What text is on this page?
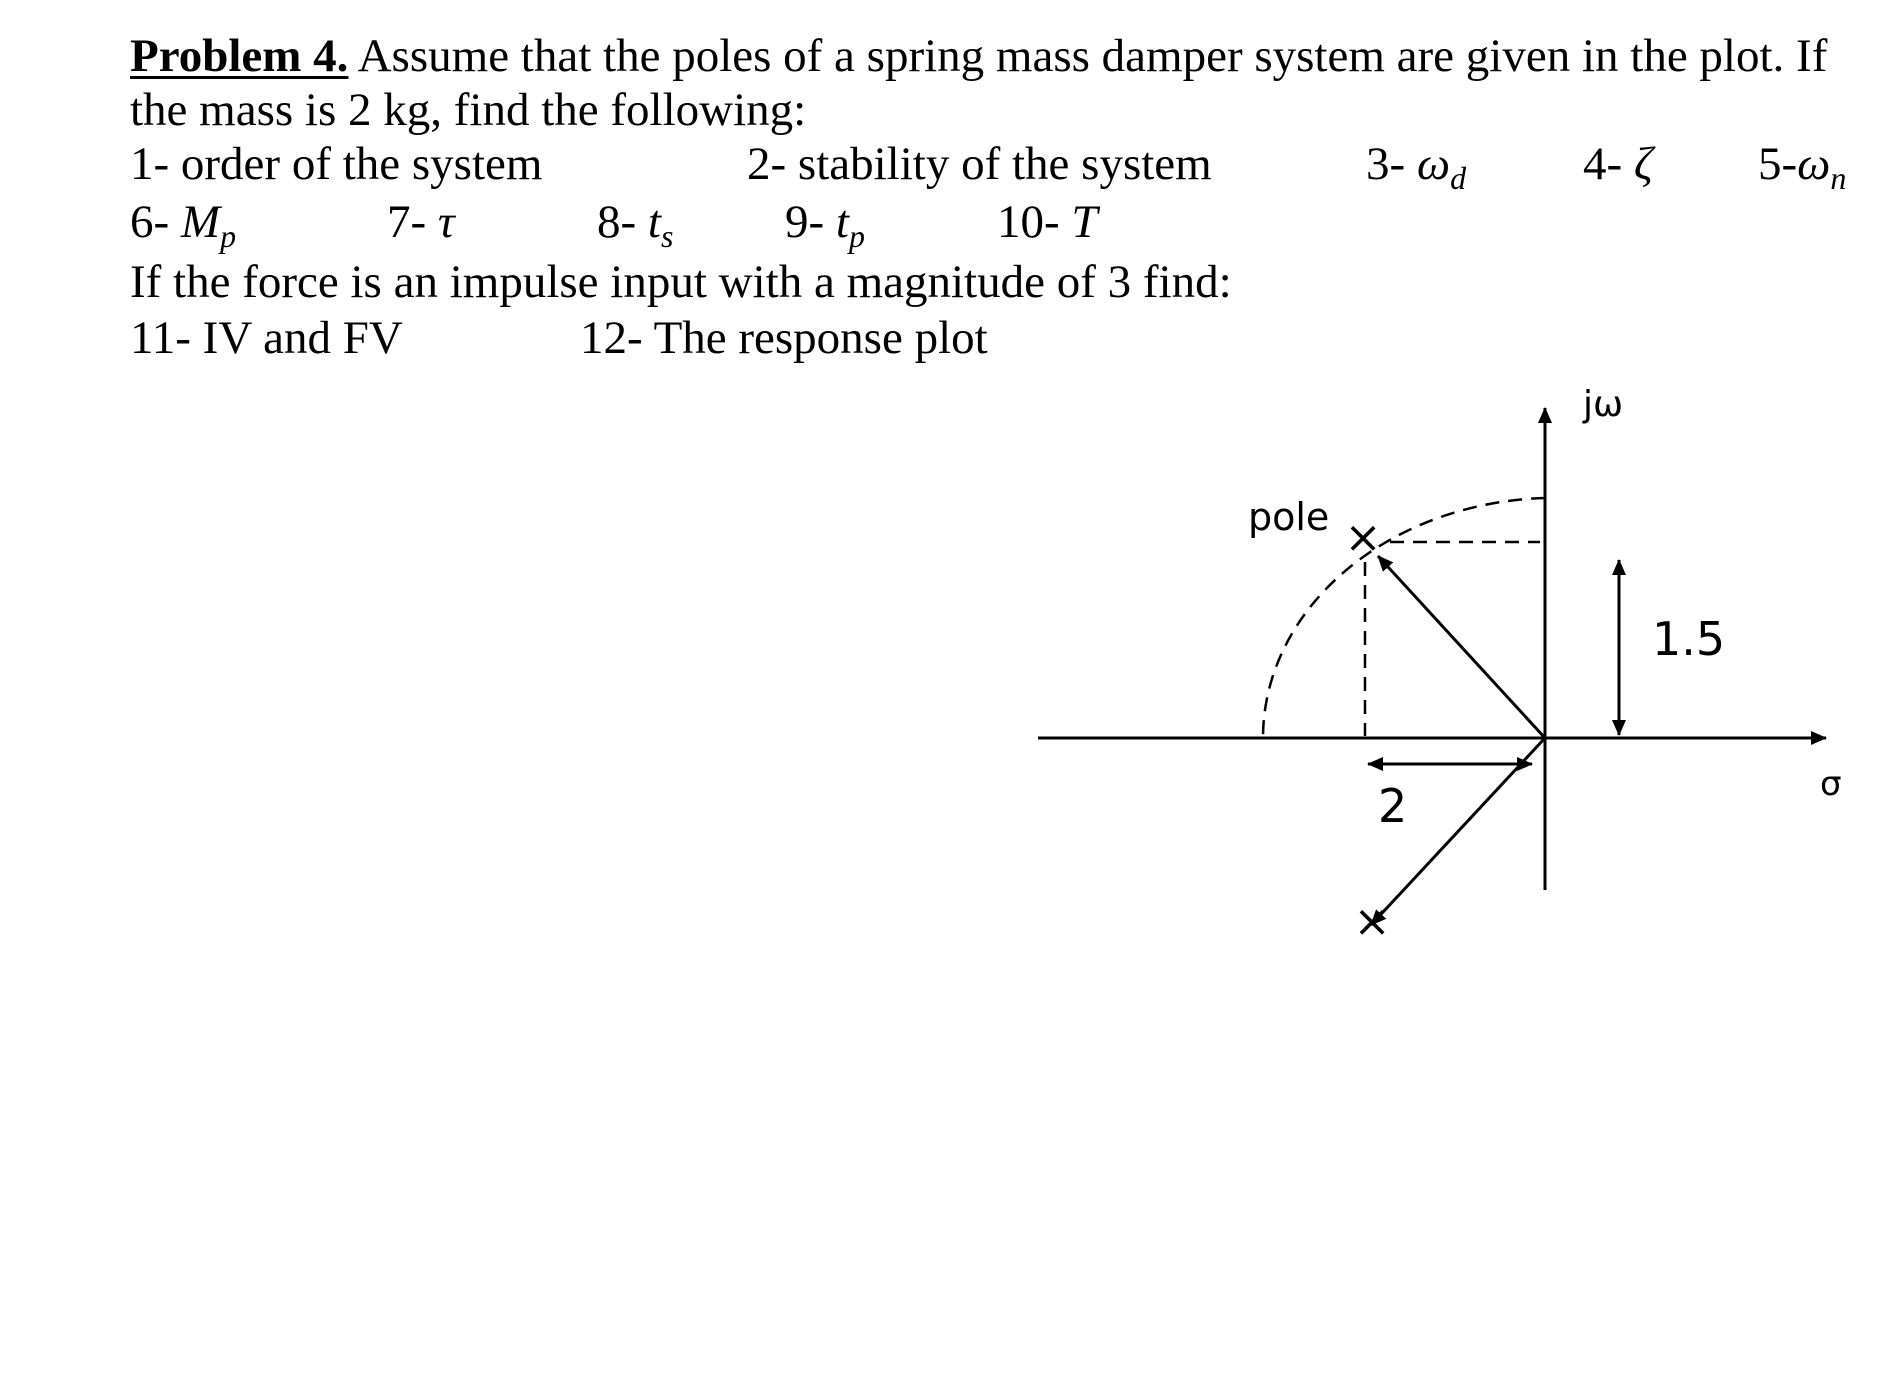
Problem 4. Assume that the poles of a spring mass damper system are given in the plot. If
the mass is 2 kg, find the following:
1- order of the system	2- stability of the system	3- $\omega_d$ 4- ζ $5-\omega_n$
6- $M_p$	7- τ	8- $t_s$ 9- $t_p$	10- T
If the force is an impulse input with a magnitude of 3 find:
11- IV and FV	12- The response plot
×
×
jω
σ
pole
2
1.5
